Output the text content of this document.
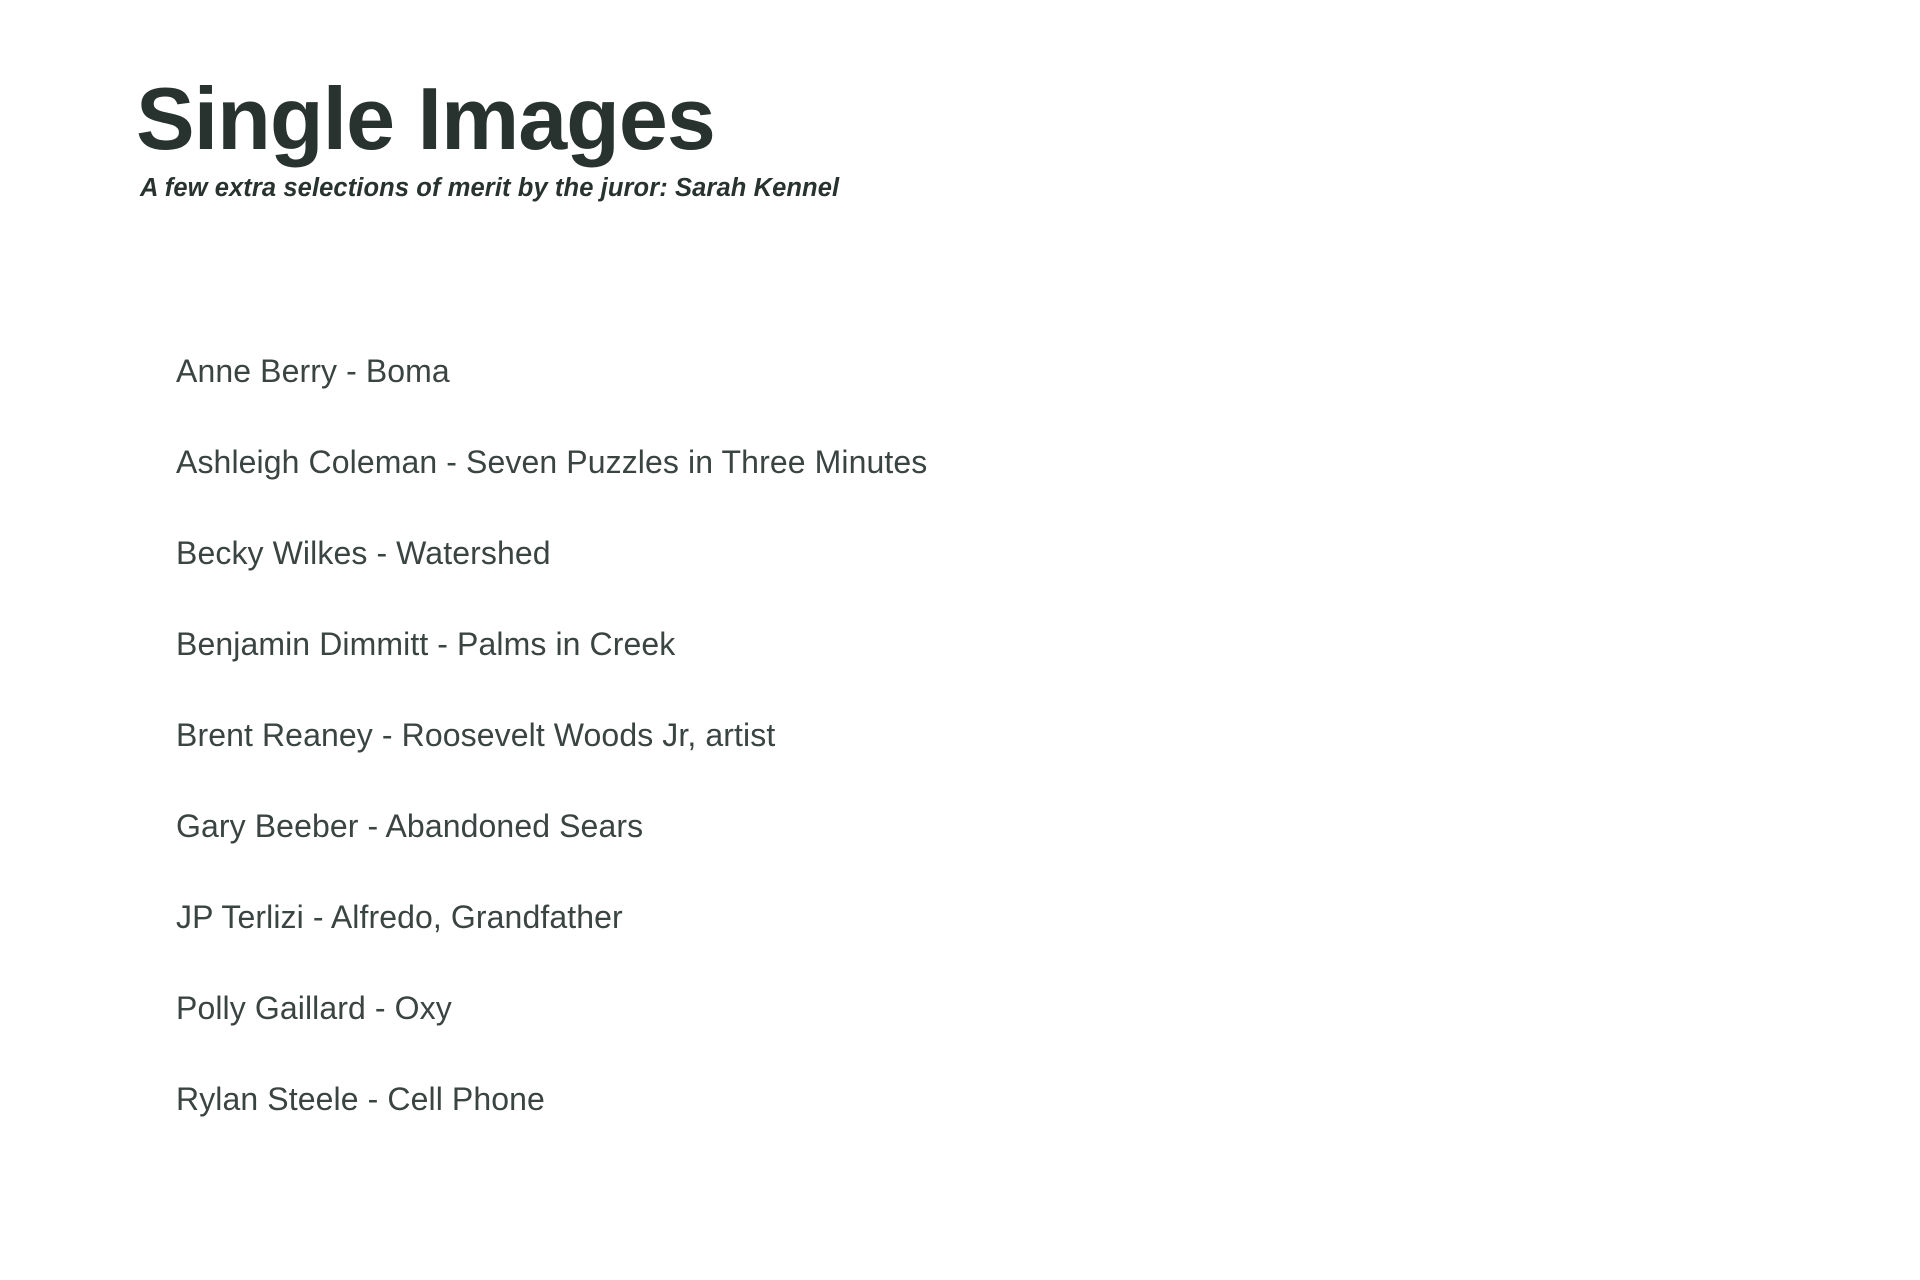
Single Images

A few extra selections of merit by the juror: Sarah Kennel

Anne Berry - Boma
Ashleigh Coleman - Seven Puzzles in Three Minutes
Becky Wilkes - Watershed
Benjamin Dimmitt - Palms in Creek
Brent Reaney - Roosevelt Woods Jr, artist
Gary Beeber - Abandoned Sears
JP Terlizi - Alfredo, Grandfather
Polly Gaillard - Oxy
Rylan Steele - Cell Phone
